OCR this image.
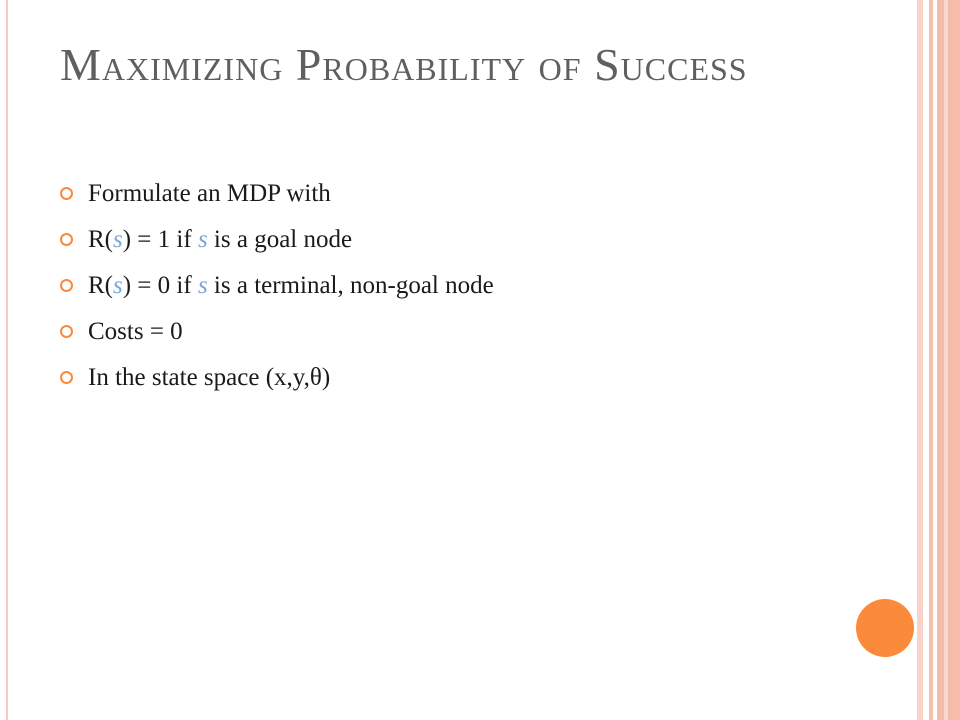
Maximizing Probability of Success
Formulate an MDP with
R(s) = 1 if s is a goal node
R(s) = 0 if s is a terminal, non-goal node
Costs = 0
In the state space (x,y,θ)
